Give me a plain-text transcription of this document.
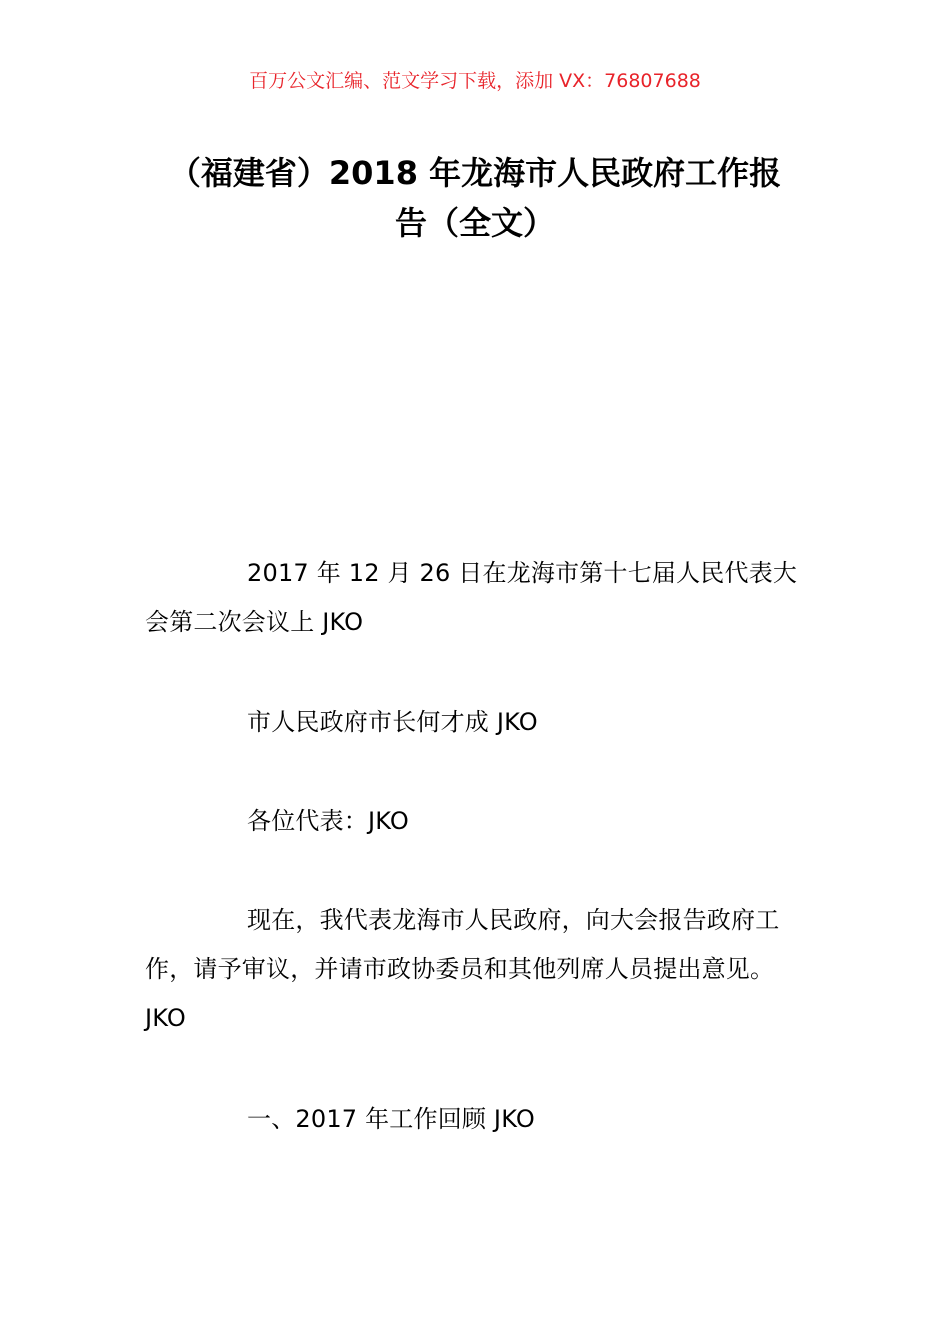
百万公文汇编、范文学习下载，添加 VX：76807688
（福建省）2018 年龙海市人民政府工作报
告（全文）

2017 年 12 月 26 日在龙海市第十七届人民代表大会第二次会议上 JKO

市人民政府市长何才成 JKO

各位代表：JKO

现在，我代表龙海市人民政府，向大会报告政府工作，请予审议，并请市政协委员和其他列席人员提出意见。JKO

一、2017 年工作回顾 JKO
